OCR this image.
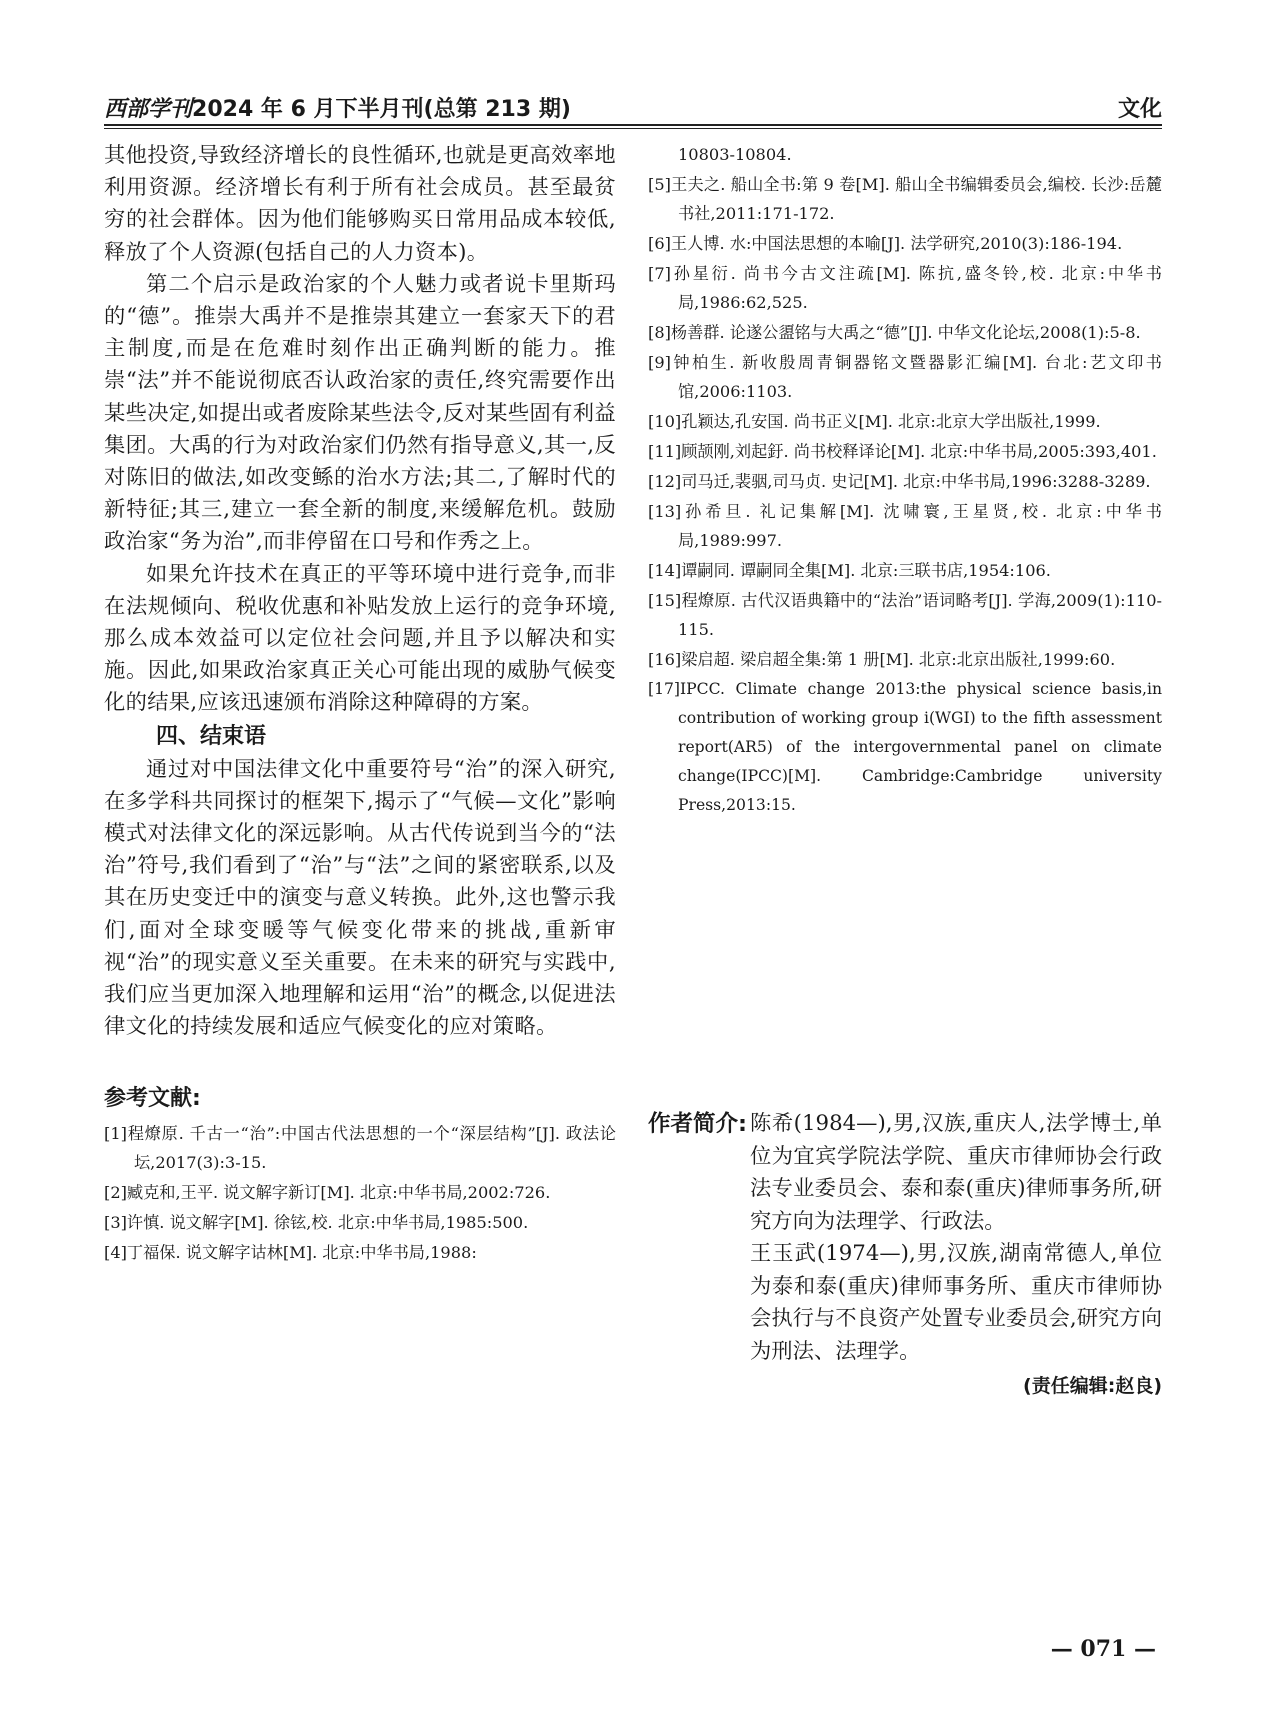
西部学刊2024 年 6 月下半月刊(总第 213 期)	文化

其他投资,导致经济增长的良性循环,也就是更高效率地利用资源。经济增长有利于所有社会成员。甚至最贫穷的社会群体。因为他们能够购买日常用品成本较低,释放了个人资源(包括自己的人力资本)。

第二个启示是政治家的个人魅力或者说卡里斯玛的“德”。推崇大禹并不是推崇其建立一套家天下的君主制度,而是在危难时刻作出正确判断的能力。推崇“法”并不能说彻底否认政治家的责任,终究需要作出某些决定,如提出或者废除某些法令,反对某些固有利益集团。大禹的行为对政治家们仍然有指导意义,其一,反对陈旧的做法,如改变鲧的治水方法;其二,了解时代的新特征;其三,建立一套全新的制度,来缓解危机。鼓励政治家“务为治”,而非停留在口号和作秀之上。

如果允许技术在真正的平等环境中进行竞争,而非在法规倾向、税收优惠和补贴发放上运行的竞争环境,那么成本效益可以定位社会问题,并且予以解决和实施。因此,如果政治家真正关心可能出现的威胁气候变化的结果,应该迅速颁布消除这种障碍的方案。

四、结束语

通过对中国法律文化中重要符号“治”的深入研究,在多学科共同探讨的框架下,揭示了“气候—文化”影响模式对法律文化的深远影响。从古代传说到当今的“法治”符号,我们看到了“治”与“法”之间的紧密联系,以及其在历史变迁中的演变与意义转换。此外,这也警示我们,面对全球变暖等气候变化带来的挑战,重新审视“治”的现实意义至关重要。在未来的研究与实践中,我们应当更加深入地理解和运用“治”的概念,以促进法律文化的持续发展和适应气候变化的应对策略。

参考文献:

[1]程燎原. 千古一“治”:中国古代法思想的一个“深层结构”[J]. 政法论坛,2017(3):3-15.

[2]臧克和,王平. 说文解字新订[M]. 北京:中华书局,2002:726.

[3]许慎. 说文解字[M]. 徐铉,校. 北京:中华书局,1985:500.

[4]丁福保. 说文解字诂林[M]. 北京:中华书局,1988:

10803-10804.

[5]王夫之. 船山全书:第 9 卷[M]. 船山全书编辑委员会,编校. 长沙:岳麓书社,2011:171-172.

[6]王人博. 水:中国法思想的本喻[J]. 法学研究,2010(3):186-194.

[7]孙星衍. 尚书今古文注疏[M]. 陈抗,盛冬铃,校. 北京:中华书局,1986:62,525.

[8]杨善群. 论遂公盨铭与大禹之“德”[J]. 中华文化论坛,2008(1):5-8.

[9]钟柏生. 新收殷周青铜器铭文暨器影汇编[M]. 台北:艺文印书馆,2006:1103.

[10]孔颖达,孔安国. 尚书正义[M]. 北京:北京大学出版社,1999.

[11]顾颉刚,刘起釪. 尚书校释译论[M]. 北京:中华书局,2005:393,401.

[12]司马迁,裴骃,司马贞. 史记[M]. 北京:中华书局,1996:3288-3289.

[13]孙希旦. 礼记集解[M]. 沈啸寰,王星贤,校. 北京:中华书局,1989:997.

[14]谭嗣同. 谭嗣同全集[M]. 北京:三联书店,1954:106.

[15]程燎原. 古代汉语典籍中的“法治”语词略考[J]. 学海,2009(1):110-115.

[16]梁启超. 梁启超全集:第 1 册[M]. 北京:北京出版社,1999:60.

[17]IPCC. Climate change 2013:the physical science basis,in contribution of working group i(WGI) to the fifth assessment report(AR5) of the intergovernmental panel on climate change(IPCC)[M]. Cambridge:Cambridge university Press,2013:15.

作者简介: 陈希(1984—),男,汉族,重庆人,法学博士,单位为宜宾学院法学院、重庆市律师协会行政法专业委员会、泰和泰(重庆)律师事务所,研究方向为法理学、行政法。

王玉武(1974—),男,汉族,湖南常德人,单位为泰和泰(重庆)律师事务所、重庆市律师协会执行与不良资产处置专业委员会,研究方向为刑法、法理学。

(责任编辑:赵良)
— 071 —
